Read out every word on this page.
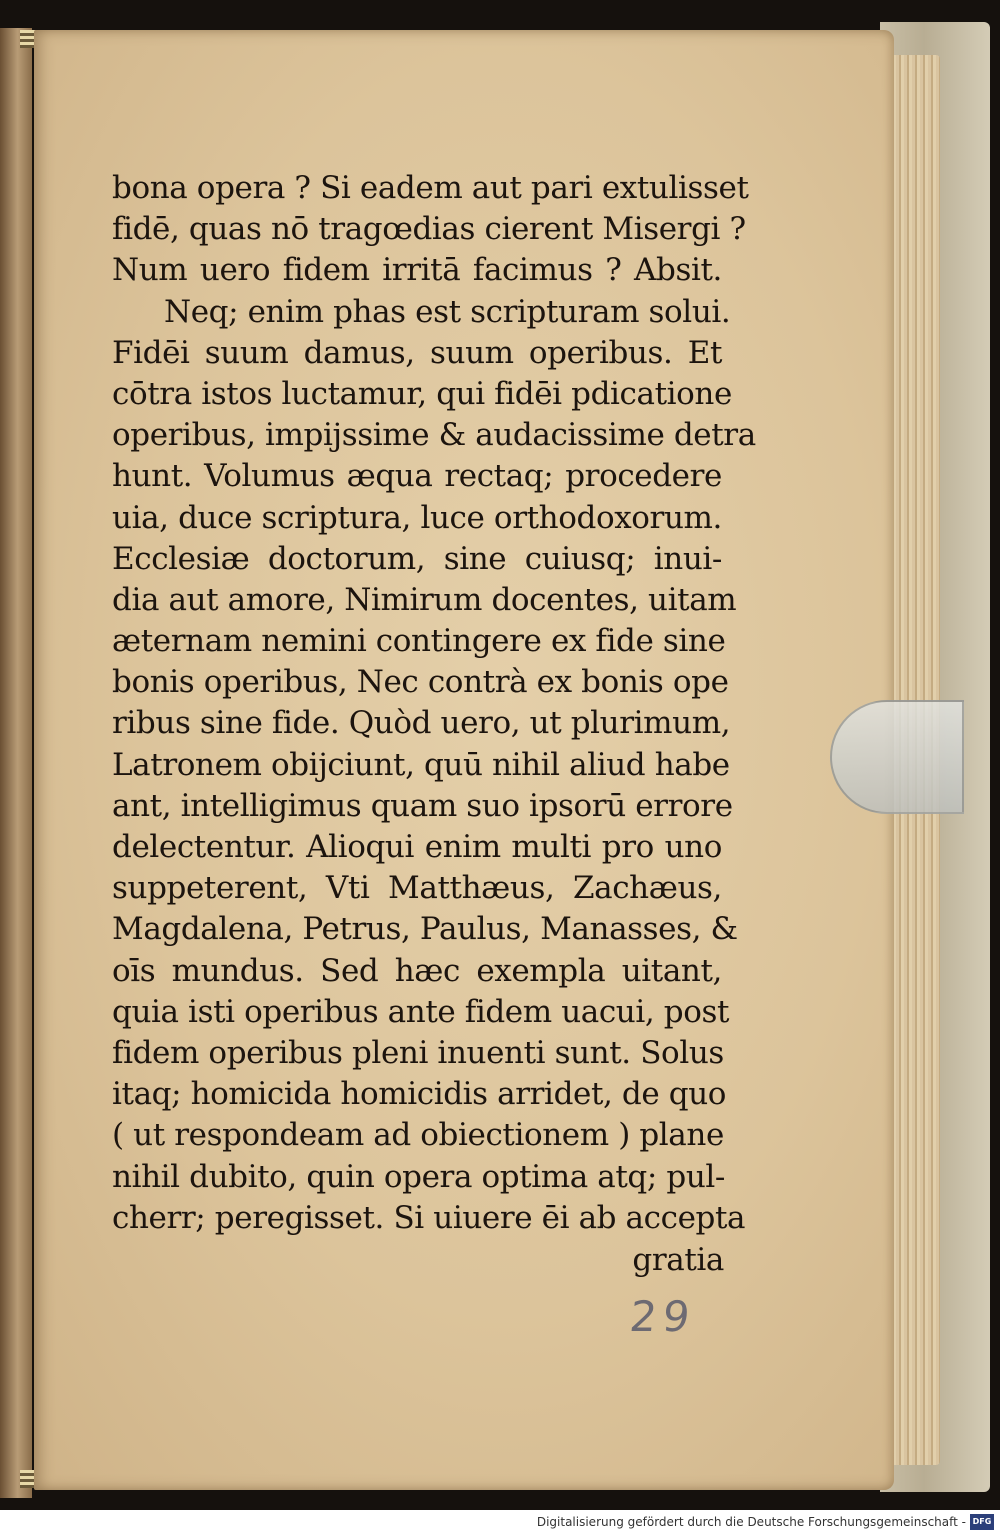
bona opera ? Si eadem aut pari extulisset
fidē, quas nō tragœdias cierent Misergi ?
Num uero fidem irritā facimus ? Absit.
Neq; enim phas est scripturam solui.
Fidēi suum damus, suum operibus. Et
cōtra istos luctamur, qui fidēi pdicatione
operibus, impijssime & audacissime detra
hunt. Volumus æqua rectaq; procedere
uia, duce scriptura, luce orthodoxorum.
Ecclesiæ doctorum, sine cuiusq; inui-
dia aut amore, Nimirum docentes, uitam
æternam nemini contingere ex fide sine
bonis operibus, Nec contrà ex bonis ope
ribus sine fide. Quòd uero, ut plurimum,
Latronem obijciunt, quū nihil aliud habe
ant, intelligimus quam suo ipsorū errore
delectentur. Alioqui enim multi pro uno
suppeterent, Vti Matthæus, Zachæus,
Magdalena, Petrus, Paulus, Manasses, &
oīs mundus. Sed hæc exempla uitant,
quia isti operibus ante fidem uacui, post
fidem operibus pleni inuenti sunt. Solus
itaq; homicida homicidis arridet, de quo
( ut respondeam ad obiectionem ) plane
nihil dubito, quin opera optima atq; pul-
cherr; peregisset. Si uiuere ēi ab accepta
gratia
29
Digitalisierung gefördert durch die Deutsche Forschungsgemeinschaft - DFG
